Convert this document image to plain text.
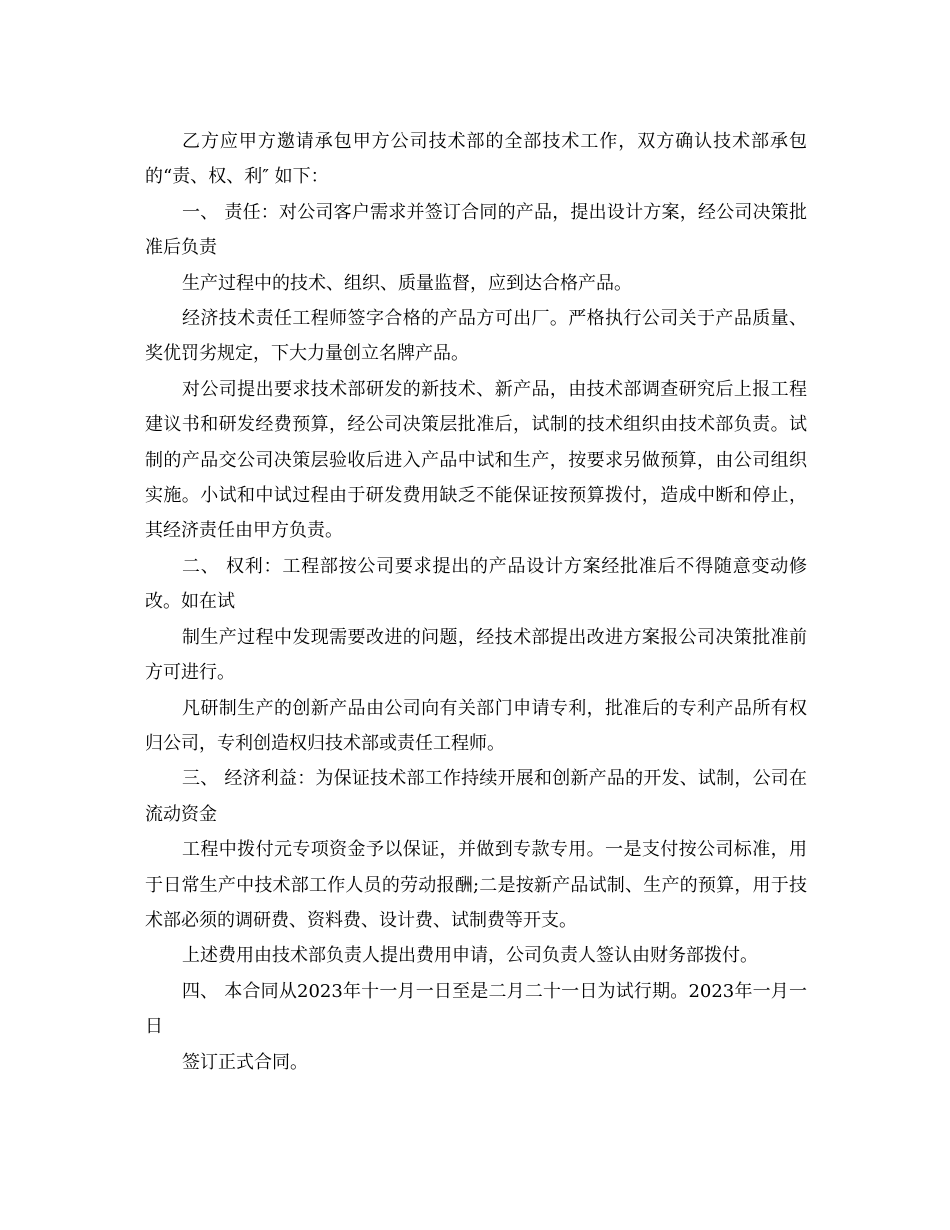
乙方应甲方邀请承包甲方公司技术部的全部技术工作，双方确认技术部承包的“责、权、利″ 如下：

一、 责任：对公司客户需求并签订合同的产品，提出设计方案，经公司决策批准后负责

生产过程中的技术、组织、质量监督，应到达合格产品。

经济技术责任工程师签字合格的产品方可出厂。严格执行公司关于产品质量、奖优罚劣规定，下大力量创立名牌产品。

对公司提出要求技术部研发的新技术、新产品，由技术部调查研究后上报工程建议书和研发经费预算，经公司决策层批准后，试制的技术组织由技术部负责。试制的产品交公司决策层验收后进入产品中试和生产，按要求另做预算，由公司组织实施。小试和中试过程由于研发费用缺乏不能保证按预算拨付，造成中断和停止，其经济责任由甲方负责。

二、 权利：工程部按公司要求提出的产品设计方案经批准后不得随意变动修改。如在试

制生产过程中发现需要改进的问题，经技术部提出改进方案报公司决策批准前方可进行。

凡研制生产的创新产品由公司向有关部门申请专利，批准后的专利产品所有权归公司，专利创造权归技术部或责任工程师。

三、 经济利益：为保证技术部工作持续开展和创新产品的开发、试制，公司在流动资金

工程中拨付元专项资金予以保证，并做到专款专用。一是支付按公司标准，用于日常生产中技术部工作人员的劳动报酬;二是按新产品试制、生产的预算，用于技术部必须的调研费、资料费、设计费、试制费等开支。

上述费用由技术部负责人提出费用申请，公司负责人签认由财务部拨付。

四、 本合同从2023年十一月一日至是二月二十一日为试行期。2023年一月一日

签订正式合同。
